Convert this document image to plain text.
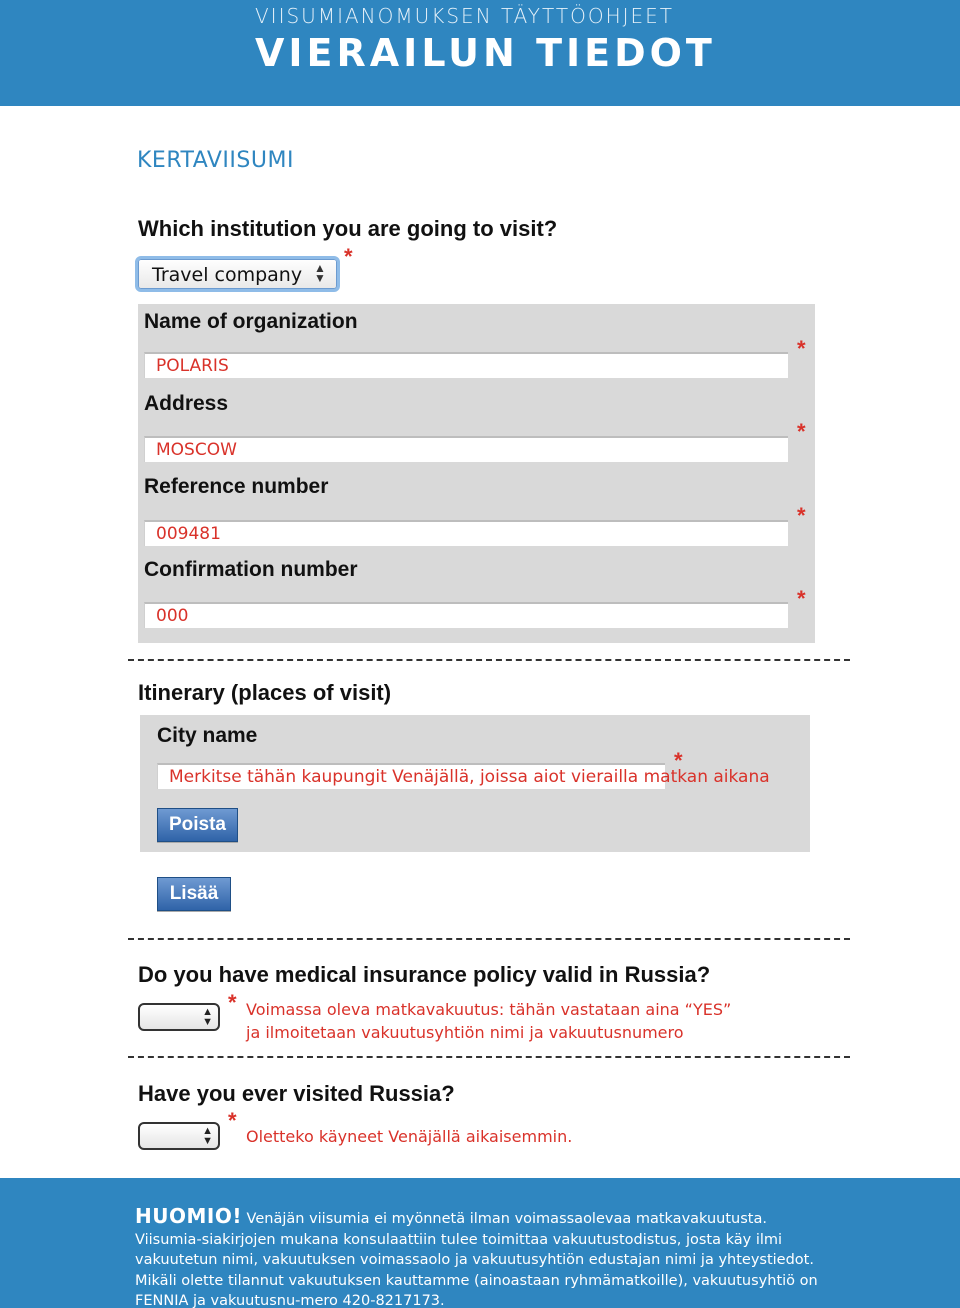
VIISUMIANOMUKSEN TÄYTTÖOHJEET
VIERAILUN TIEDOT
KERTAVIISUMI
Which institution you are going to visit?
Travel company ▲
▼
*
Name of organization
POLARIS
Address
MOSCOW
Reference number
009481
Confirmation number
000
*
*
*
*
Itinerary (places of visit)
City name
Merkitse tähän kaupungit Venäjällä, joissa aiot vierailla matkan aikana
Poista
*
Lisää
Do you have medical insurance policy valid in Russia?
▲
▼
* Voimassa oleva matkavakuutus: tähän vastataan aina “YES”
ja ilmoitetaan vakuutusyhtiön nimi ja vakuutusnumero
Have you ever visited Russia?
▲
▼
*
Oletteko käyneet Venäjällä aikaisemmin.
HUOMIO! Venäjän viisumia ei myönnetä ilman voimassaolevaa matkavakuutusta. Viisumia-siakirjojen mukana konsulaattiin tulee toimittaa vakuutustodistus, josta käy ilmi vakuutetun nimi, vakuutuksen voimassaolo ja vakuutusyhtiön edustajan nimi ja yhteystiedot. Mikäli olette tilannut vakuutuksen kauttamme (ainoastaan ryhmämatkoille), vakuutusyhtiö on FENNIA ja vakuutusnu-mero 420-8217173.
